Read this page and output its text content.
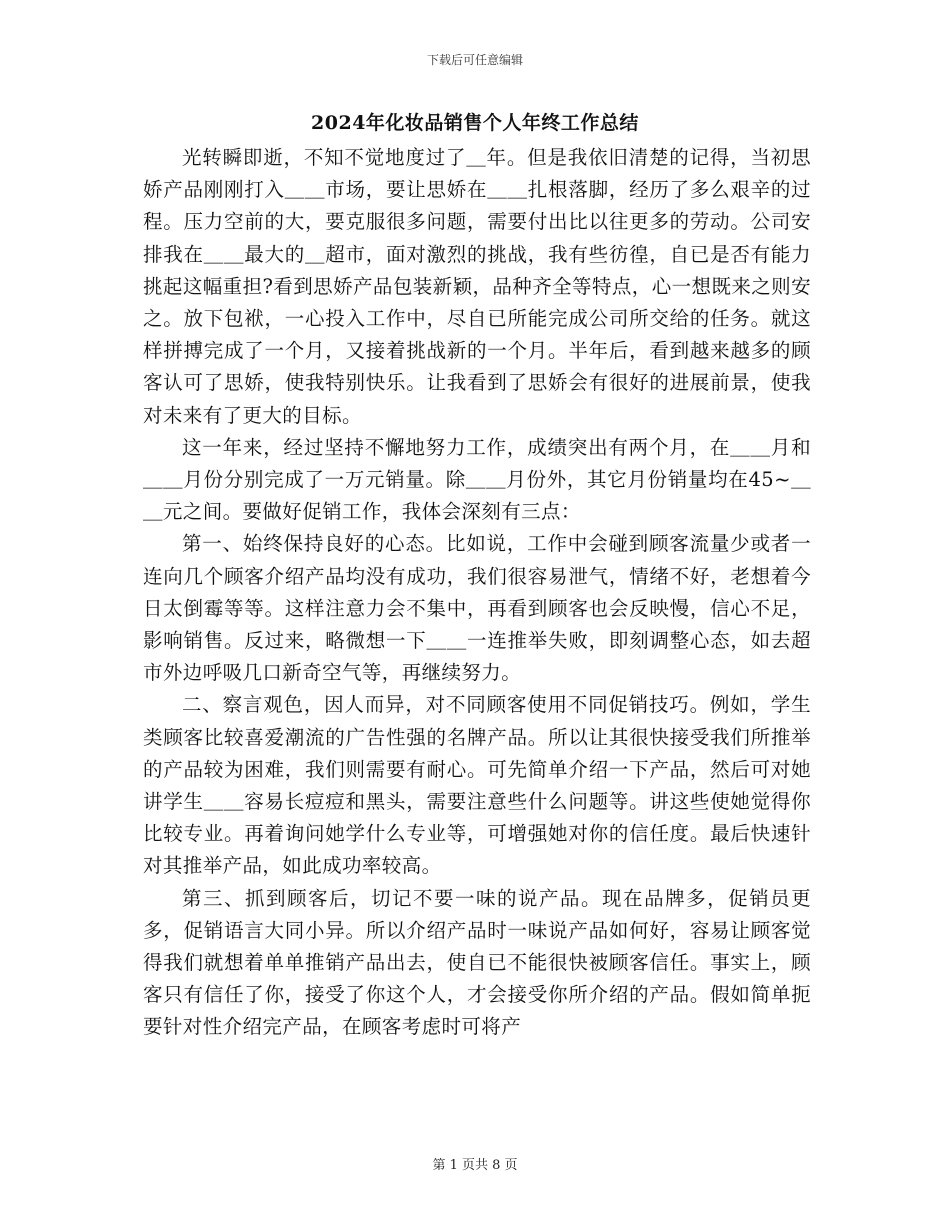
下载后可任意编辑
2024年化妆品销售个人年终工作总结

光转瞬即逝，不知不觉地度过了＿年。但是我依旧清楚的记得，当初思娇产品刚刚打入＿＿市场，要让思娇在＿＿扎根落脚，经历了多么艰辛的过程。压力空前的大，要克服很多问题，需要付出比以往更多的劳动。公司安排我在＿＿最大的＿超市，面对激烈的挑战，我有些彷徨，自已是否有能力挑起这幅重担?看到思娇产品包装新颖，品种齐全等特点，心一想既来之则安之。放下包袱，一心投入工作中，尽自已所能完成公司所交给的任务。就这样拼搏完成了一个月，又接着挑战新的一个月。半年后，看到越来越多的顾客认可了思娇，使我特别快乐。让我看到了思娇会有很好的进展前景，使我对未来有了更大的目标。

这一年来，经过坚持不懈地努力工作，成绩突出有两个月，在＿＿月和＿＿月份分别完成了一万元销量。除＿＿月份外，其它月份销量均在45~＿＿元之间。要做好促销工作，我体会深刻有三点：

第一、始终保持良好的心态。比如说，工作中会碰到顾客流量少或者一连向几个顾客介绍产品均没有成功，我们很容易泄气，情绪不好，老想着今日太倒霉等等。这样注意力会不集中，再看到顾客也会反映慢，信心不足，影响销售。反过来，略微想一下＿＿一连推举失败，即刻调整心态，如去超市外边呼吸几口新奇空气等，再继续努力。

二、察言观色，因人而异，对不同顾客使用不同促销技巧。例如，学生类顾客比较喜爱潮流的广告性强的名牌产品。所以让其很快接受我们所推举的产品较为困难，我们则需要有耐心。可先简单介绍一下产品，然后可对她讲学生＿＿容易长痘痘和黑头，需要注意些什么问题等。讲这些使她觉得你比较专业。再着询问她学什么专业等，可增强她对你的信任度。最后快速针对其推举产品，如此成功率较高。

第三、抓到顾客后，切记不要一味的说产品。现在品牌多，促销员更多，促销语言大同小异。所以介绍产品时一味说产品如何好，容易让顾客觉得我们就想着单单推销产品出去，使自已不能很快被顾客信任。事实上，顾客只有信任了你，接受了你这个人，才会接受你所介绍的产品。假如简单扼要针对性介绍完产品，在顾客考虑时可将产

第 1 页共 8 页
